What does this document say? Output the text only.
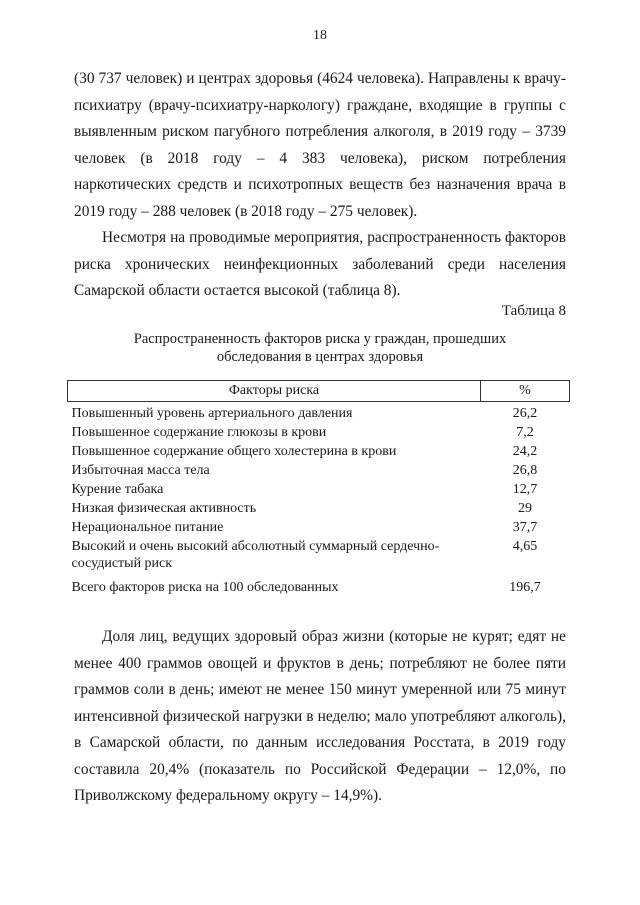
18

(30 737 человек) и центрах здоровья (4624 человека). Направлены к врачу-психиатру (врачу-психиатру-наркологу) граждане, входящие в группы с выявленным риском пагубного потребления алкоголя, в 2019 году – 3739 человек (в 2018 году – 4 383 человека), риском потребления наркотических средств и психотропных веществ без назначения врача в 2019 году – 288 человек (в 2018 году – 275 человек).

Несмотря на проводимые мероприятия, распространенность факторов риска хронических неинфекционных заболеваний среди населения Самарской области остается высокой (таблица 8).

Таблица 8
Распространенность факторов риска у граждан, прошедших
обследования в центрах здоровья
Факторы риска	%
Повышенный уровень артериального давления	26,2
Повышенное содержание глюкозы в крови	7,2
Повышенное содержание общего холестерина в крови	24,2
Избыточная масса тела	26,8
Курение табака	12,7
Низкая физическая активность	29
Нерациональное питание	37,7
Высокий и очень высокий абсолютный суммарный сердечно-сосудистый риск	4,65
Всего факторов риска на 100 обследованных	196,7

Доля лиц, ведущих здоровый образ жизни (которые не курят; едят не менее 400 граммов овощей и фруктов в день; потребляют не более пяти граммов соли в день; имеют не менее 150 минут умеренной или 75 минут интенсивной физической нагрузки в неделю; мало употребляют алкоголь), в Самарской области, по данным исследования Росстата, в 2019 году составила 20,4% (показатель по Российской Федерации – 12,0%, по Приволжскому федеральному округу – 14,9%).
